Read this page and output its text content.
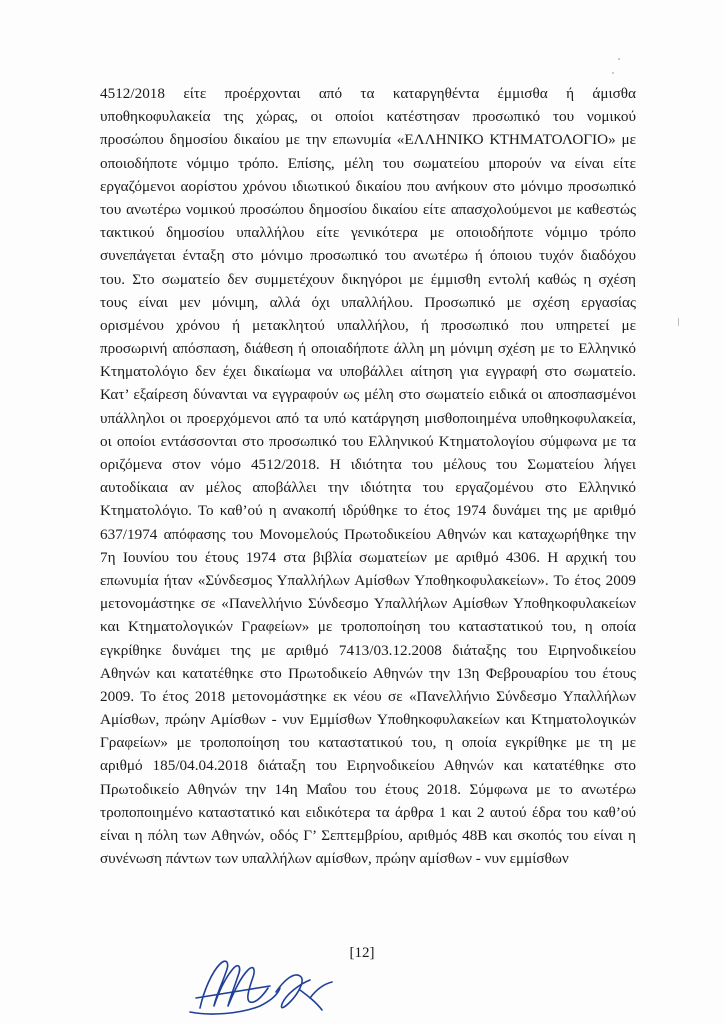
4512/2018 είτε προέρχονται από τα καταργηθέντα έμμισθα ή άμισθα
υποθηκοφυλακεία της χώρας, οι οποίοι κατέστησαν προσωπικό του νομικού
προσώπου δημοσίου δικαίου με την επωνυμία «ΕΛΛΗΝΙΚΟ ΚΤΗΜΑΤΟΛΟΓΙΟ» με
οποιοδήποτε νόμιμο τρόπο. Επίσης, μέλη του σωματείου μπορούν να είναι είτε
εργαζόμενοι αορίστου χρόνου ιδιωτικού δικαίου που ανήκουν στο μόνιμο προσωπικό
του ανωτέρω νομικού προσώπου δημοσίου δικαίου είτε απασχολούμενοι με καθεστώς
τακτικού δημοσίου υπαλλήλου είτε γενικότερα με οποιοδήποτε νόμιμο τρόπο
συνεπάγεται ένταξη στο μόνιμο προσωπικό του ανωτέρω ή όποιου τυχόν διαδόχου
του. Στο σωματείο δεν συμμετέχουν δικηγόροι με έμμισθη εντολή καθώς η σχέση
τους είναι μεν μόνιμη, αλλά όχι υπαλλήλου. Προσωπικό με σχέση εργασίας
ορισμένου χρόνου ή μετακλητού υπαλλήλου, ή προσωπικό που υπηρετεί με
προσωρινή απόσπαση, διάθεση ή οποιαδήποτε άλλη μη μόνιμη σχέση με το Ελληνικό
Κτηματολόγιο δεν έχει δικαίωμα να υποβάλλει αίτηση για εγγραφή στο σωματείο.
Κατ’ εξαίρεση δύνανται να εγγραφούν ως μέλη στο σωματείο ειδικά οι αποσπασμένοι
υπάλληλοι οι προερχόμενοι από τα υπό κατάργηση μισθοποιημένα υποθηκοφυλακεία,
οι οποίοι εντάσσονται στο προσωπικό του Ελληνικού Κτηματολογίου σύμφωνα με τα
οριζόμενα στον νόμο 4512/2018. Η ιδιότητα του μέλους του Σωματείου λήγει
αυτοδίκαια αν μέλος αποβάλλει την ιδιότητα του εργαζομένου στο Ελληνικό
Κτηματολόγιο. Το καθ’ού η ανακοπή ιδρύθηκε το έτος 1974 δυνάμει της με αριθμό
637/1974 απόφασης του Μονομελούς Πρωτοδικείου Αθηνών και καταχωρήθηκε την
7η Ιουνίου του έτους 1974 στα βιβλία σωματείων με αριθμό 4306. Η αρχική του
επωνυμία ήταν «Σύνδεσμος Υπαλλήλων Αμίσθων Υποθηκοφυλακείων». Το έτος 2009
μετονομάστηκε σε «Πανελλήνιο Σύνδεσμο Υπαλλήλων Αμίσθων Υποθηκοφυλακείων
και Κτηματολογικών Γραφείων» με τροποποίηση του καταστατικού του, η οποία
εγκρίθηκε δυνάμει της με αριθμό 7413/03.12.2008 διάταξης του Ειρηνοδικείου
Αθηνών και κατατέθηκε στο Πρωτοδικείο Αθηνών την 13η Φεβρουαρίου του έτους
2009. Το έτος 2018 μετονομάστηκε εκ νέου σε «Πανελλήνιο Σύνδεσμο Υπαλλήλων
Αμίσθων, πρώην Αμίσθων - νυν Εμμίσθων Υποθηκοφυλακείων και Κτηματολογικών
Γραφείων» με τροποποίηση του καταστατικού του, η οποία εγκρίθηκε με τη με
αριθμό 185/04.04.2018 διάταξη του Ειρηνοδικείου Αθηνών και κατατέθηκε στο
Πρωτοδικείο Αθηνών την 14η Μαΐου του έτους 2018. Σύμφωνα με το ανωτέρω
τροποποιημένο καταστατικό και ειδικότερα τα άρθρα 1 και 2 αυτού έδρα του καθ’ού
είναι η πόλη των Αθηνών, οδός Γ’ Σεπτεμβρίου, αριθμός 48Β και σκοπός του είναι η
συνένωση πάντων των υπαλλήλων αμίσθων, πρώην αμίσθων - νυν εμμίσθων
[12]
